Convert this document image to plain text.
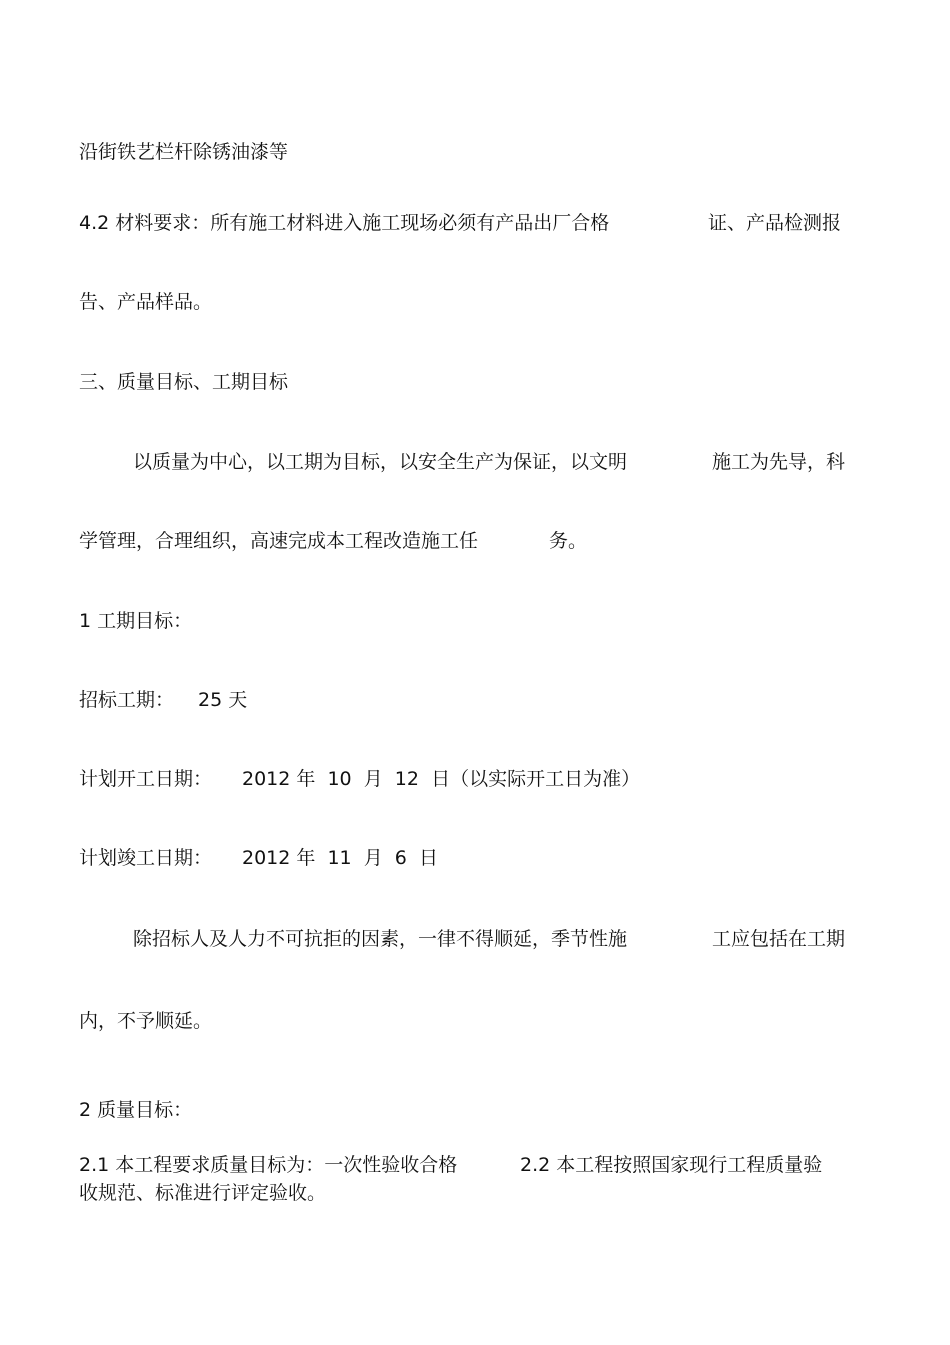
沿街铁艺栏杆除锈油漆等

4.2 材料要求：所有施工材料进入施工现场必须有产品出厂合格

	证、产品检测报

告、产品样品。

三、质量目标、工期目标

以质量为中心，以工期为目标，以安全生产为保证，以文明

	施工为先导，科

学管理，合理组织，高速完成本工程改造施工任

	务。

1 工期目标：

招标工期：

25 天

计划开工日期：

2012 年  10  月  12  日（以实际开工日为准）

计划竣工日期：

2012 年  11  月  6  日

除招标人及人力不可抗拒的因素，一律不得顺延，季节性施

	工应包括在工期

内，不予顺延。

2 质量目标：

2.1 本工程要求质量目标为：一次性验收合格

	2.2 本工程按照国家现行工程质量验

收规范、标准进行评定验收。
